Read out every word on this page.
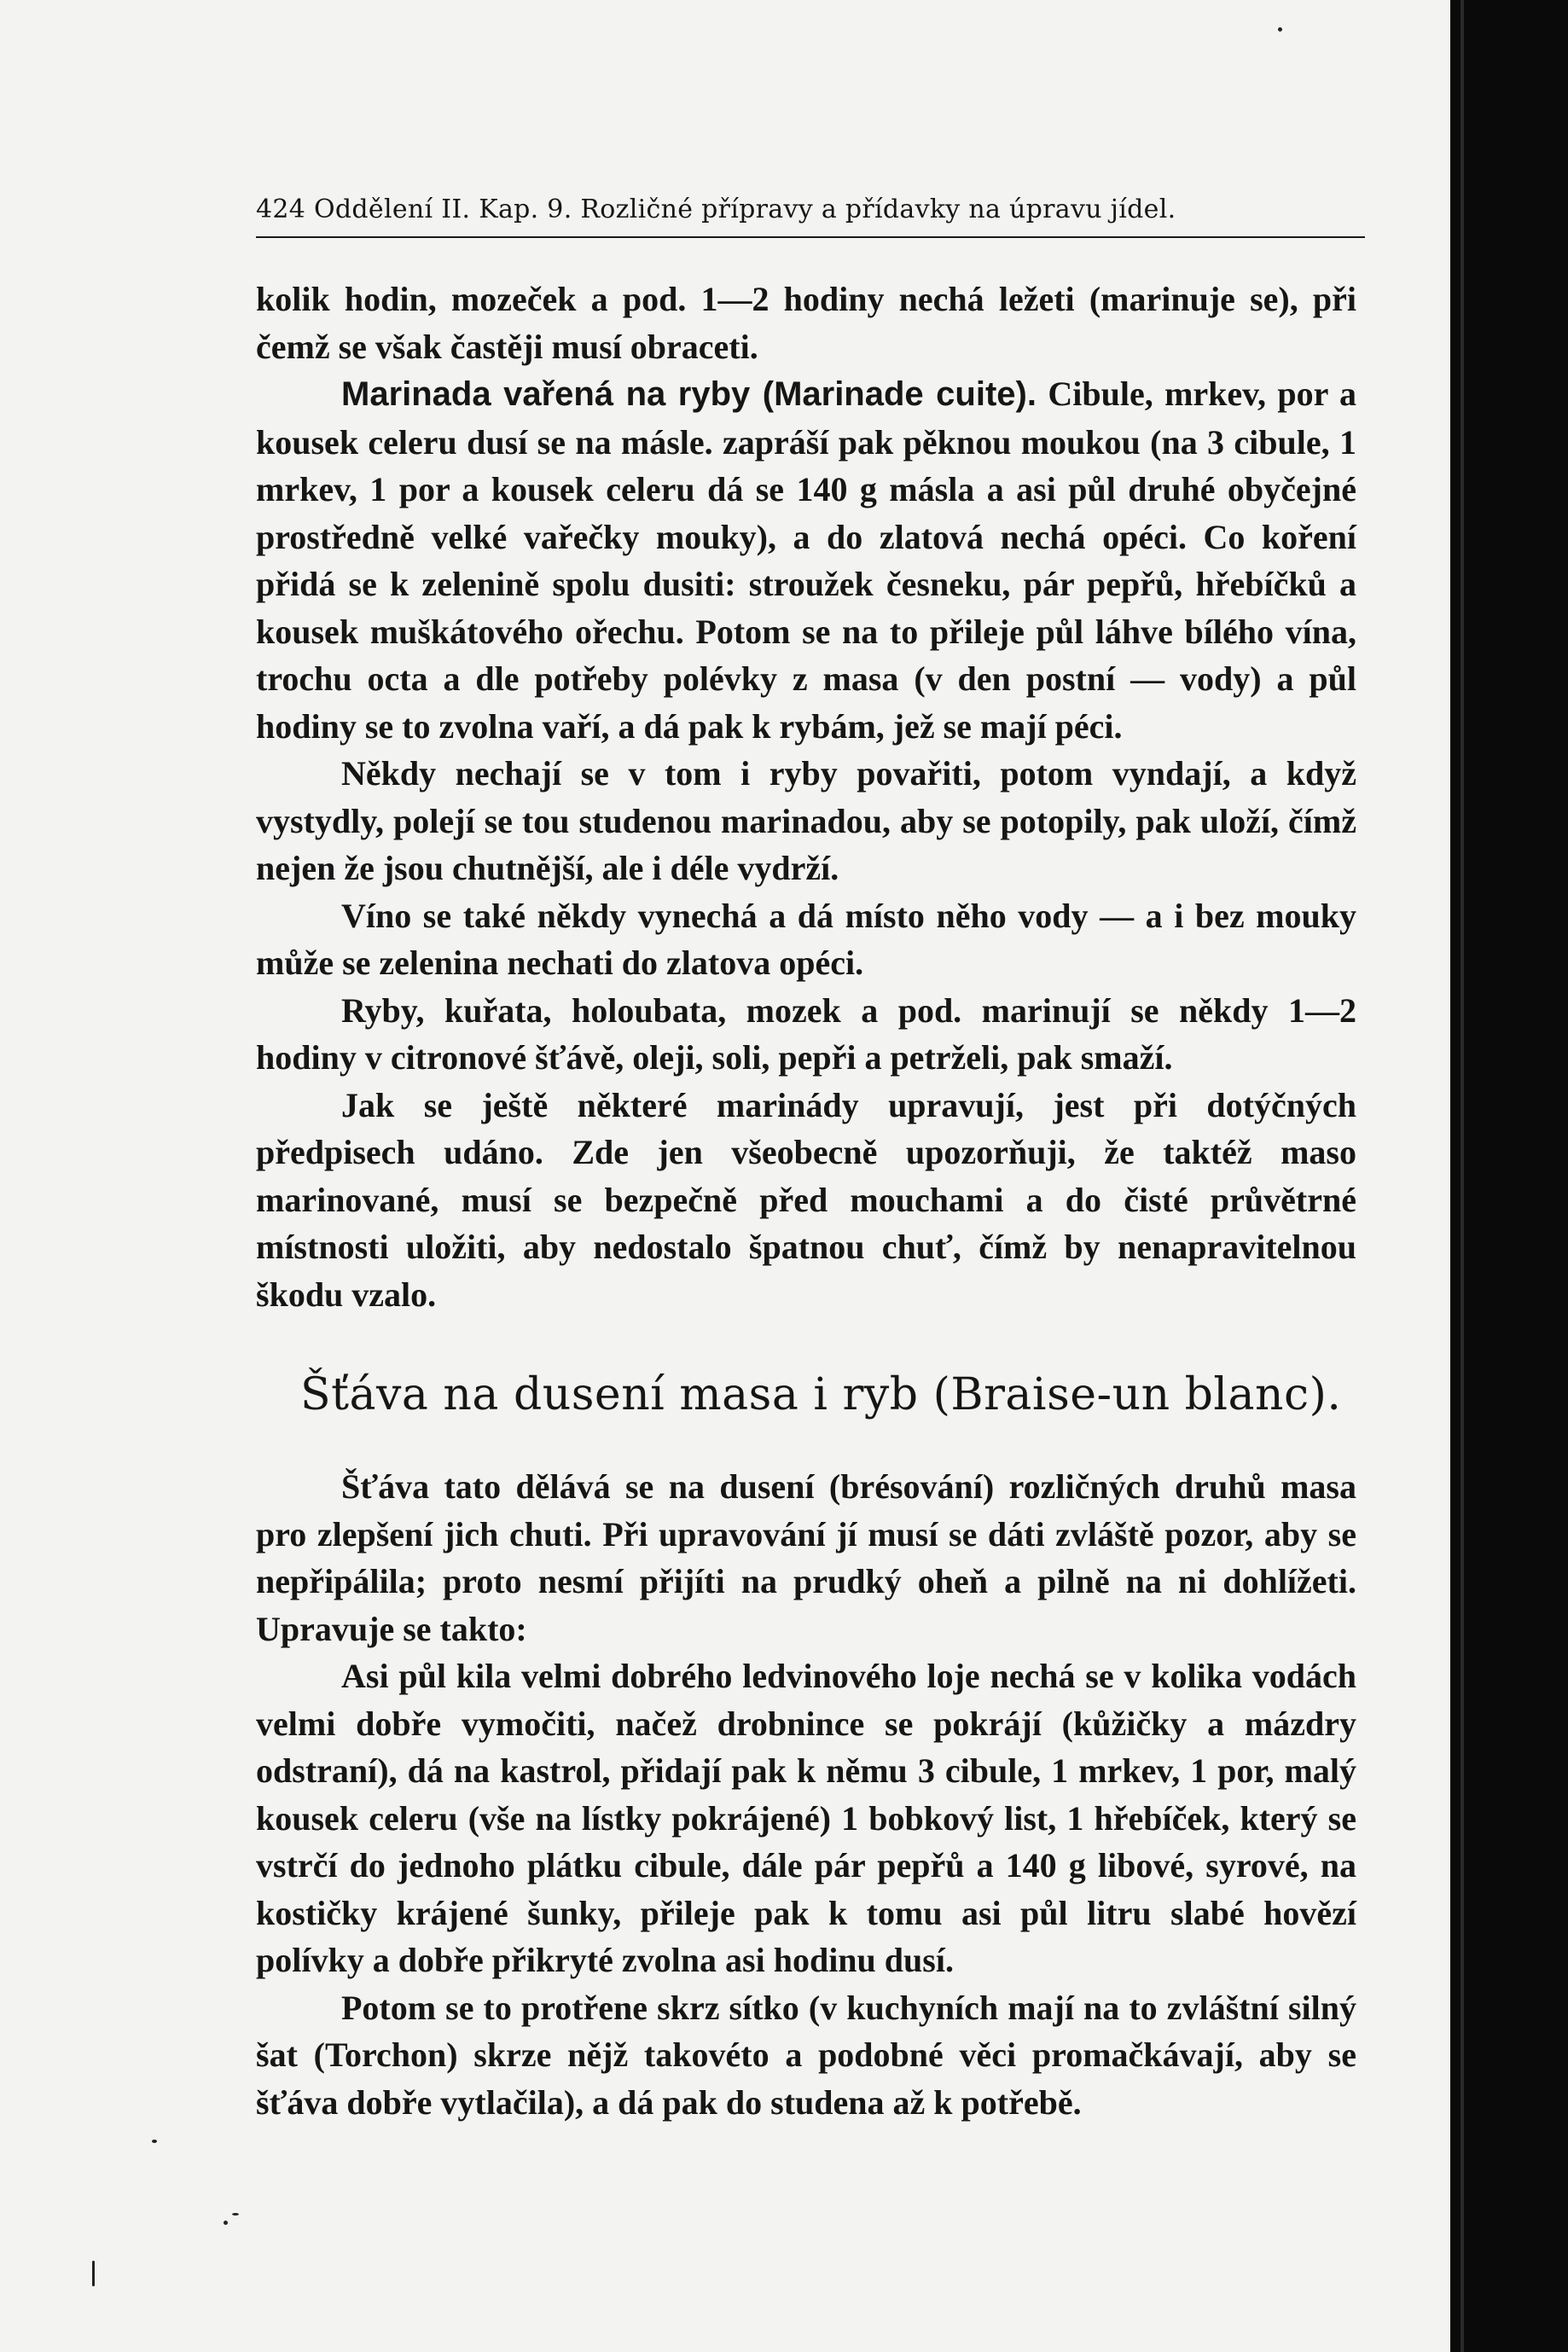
424 Oddělení II. Kap. 9. Rozličné přípravy a přídavky na úpravu jídel.

kolik hodin, mozeček a pod. 1—2 hodiny nechá ležeti (marinuje se), při čemž se však častěji musí obraceti.

Marinada vařená na ryby (Marinade cuite). Cibule, mrkev, por a kousek celeru dusí se na másle. zapráší pak pěknou moukou (na 3 cibule, 1 mrkev, 1 por a kousek celeru dá se 140 g másla a asi půl druhé obyčejné prostředně velké vařečky mouky), a do zlatová nechá opéci. Co koření přidá se k zelenině spolu dusiti: stroužek česneku, pár pepřů, hřebíčků a kousek muškátového ořechu. Potom se na to přileje půl láhve bílého vína, trochu octa a dle potřeby polévky z masa (v den postní — vody) a půl hodiny se to zvolna vaří, a dá pak k rybám, jež se mají péci.

Někdy nechají se v tom i ryby povařiti, potom vyndají, a když vystydly, polejí se tou studenou marinadou, aby se potopily, pak uloží, čímž nejen že jsou chutnější, ale i déle vydrží.

Víno se také někdy vynechá a dá místo něho vody — a i bez mouky může se zelenina nechati do zlatova opéci.

Ryby, kuřata, holoubata, mozek a pod. marinují se někdy 1—2 hodiny v citronové šťávě, oleji, soli, pepři a petrželi, pak smaží.

Jak se ještě některé marinády upravují, jest při dotýčných předpisech udáno. Zde jen všeobecně upozorňuji, že taktéž maso marinované, musí se bezpečně před mouchami a do čisté průvětrné místnosti uložiti, aby nedostalo špatnou chuť, čímž by nenapravitelnou škodu vzalo.

Šťáva na dusení masa i ryb (Braise-un blanc).

Šťáva tato dělává se na dusení (brésování) rozličných druhů masa pro zlepšení jich chuti. Při upravování jí musí se dáti zvláště pozor, aby se nepřipálila; proto nesmí přijíti na prudký oheň a pilně na ni dohlížeti. Upravuje se takto:

Asi půl kila velmi dobrého ledvinového loje nechá se v kolika vodách velmi dobře vymočiti, načež drobnince se pokrájí (kůžičky a mázdry odstraní), dá na kastrol, přidají pak k němu 3 cibule, 1 mrkev, 1 por, malý kousek celeru (vše na lístky pokrájené) 1 bobkový list, 1 hřebíček, který se vstrčí do jednoho plátku cibule, dále pár pepřů a 140 g libové, syrové, na kostičky krájené šunky, přileje pak k tomu asi půl litru slabé hovězí polívky a dobře přikryté zvolna asi hodinu dusí.

Potom se to protřene skrz sítko (v kuchyních mají na to zvláštní silný šat (Torchon) skrze nějž takovéto a podobné věci promačkávají, aby se šťáva dobře vytlačila), a dá pak do studena až k potřebě.
